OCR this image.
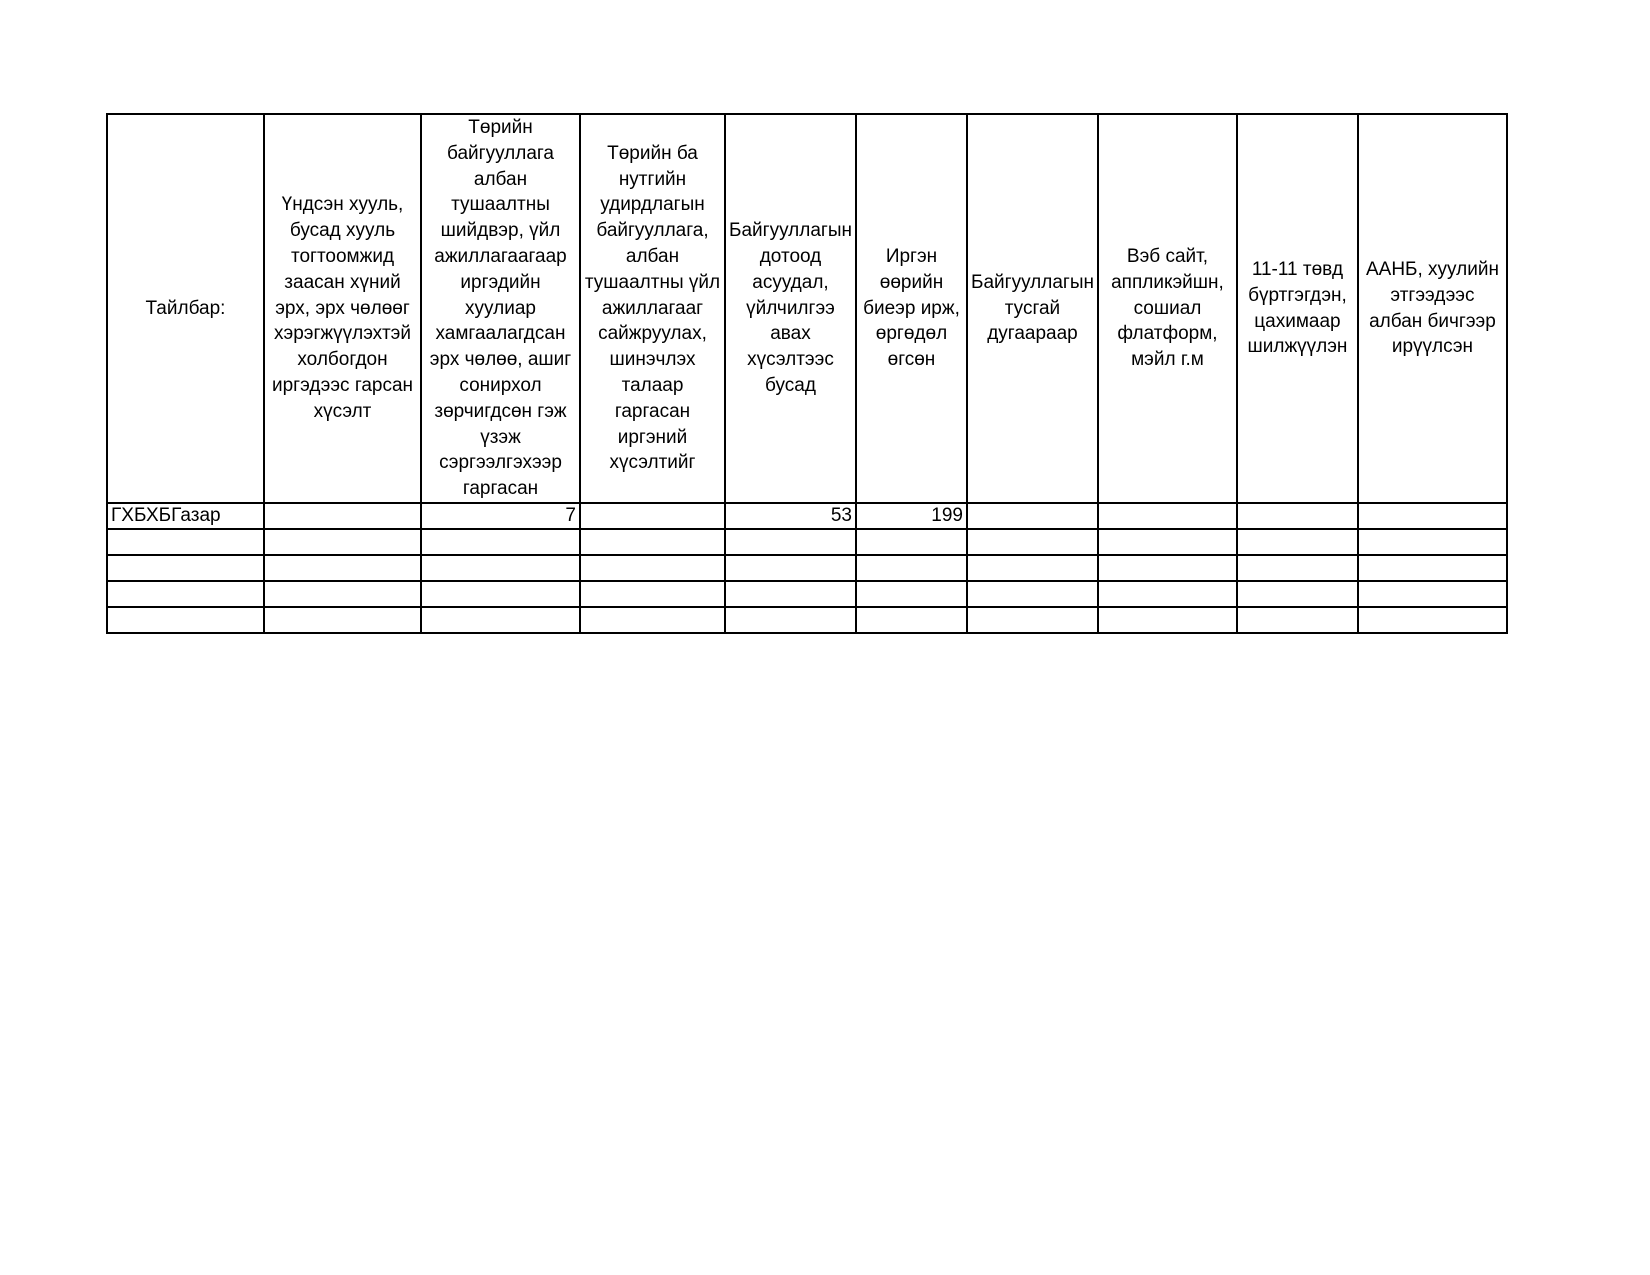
Тайлбар:	Үндсэн хууль, бусад хууль тогтоомжид заасан хүний эрх, эрх чөлөөг хэрэгжүүлэхтэй холбогдон иргэдээс гарсан хүсэлт	Төрийн байгууллага албан тушаалтны шийдвэр, үйл ажиллагаагаар иргэдийн хуулиар хамгаалагдсан эрх чөлөө, ашиг сонирхол зөрчигдсөн гэж үзэж сэргээлгэхээр гаргасан	Төрийн ба нутгийн удирдлагын байгууллага, албан тушаалтны үйл ажиллагааг сайжруулах, шинэчлэх талаар гаргасан иргэний хүсэлтийг	Байгууллагын дотоод асуудал, үйлчилгээ авах хүсэлтээс бусад	Иргэн өөрийн биеэр ирж, өргөдөл өгсөн	Байгууллагын тусгай дугаараар	Вэб сайт, аппликэйшн, сошиал флатформ, мэйл г.м	11-11 төвд бүртгэгдэн, цахимаар шилжүүлэн	ААНБ, хуулийн этгээдээс албан бичгээр ирүүлсэн
ГХБХБГазар		7		53	199				
